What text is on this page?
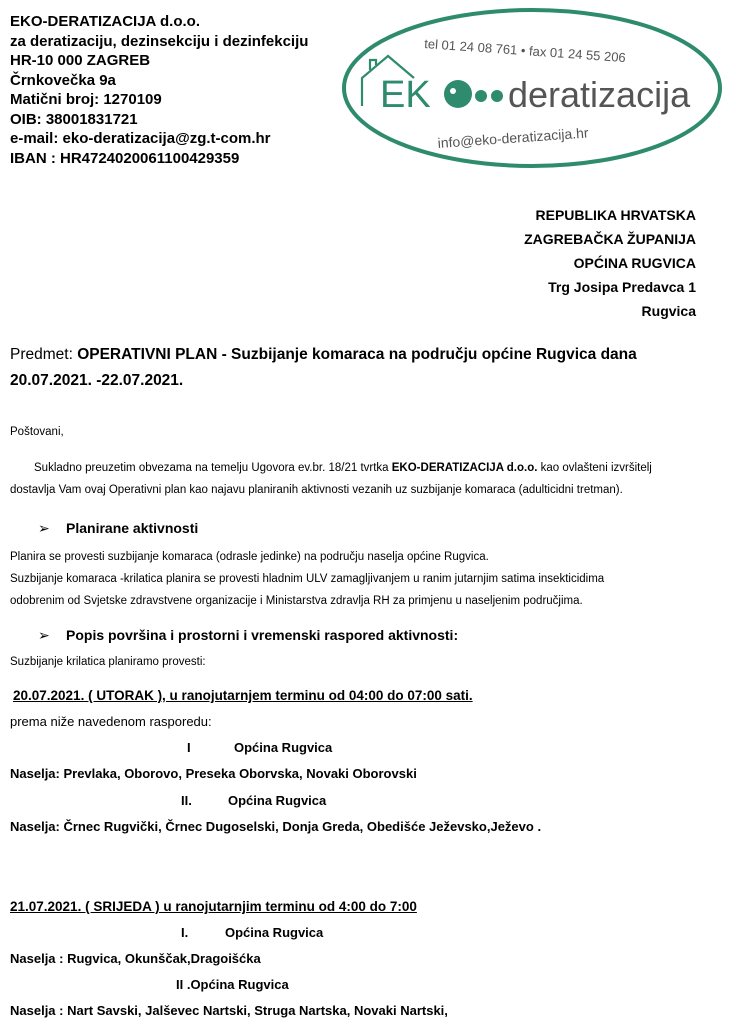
EKO-DERATIZACIJA d.o.o.
za deratizaciju, dezinsekciju i dezinfekciju
HR-10 000 ZAGREB
Črnkovečka 9a
Matični broj: 1270109
OIB: 38001831721
e-mail: eko-deratizacija@zg.t-com.hr
IBAN : HR4724020061100429359
tel 01 24 08 761 • fax 01 24 55 206
EK deratizacija
info@eko-deratizacija.hr
REPUBLIKA HRVATSKA
ZAGREBAČKA ŽUPANIJA
OPĆINA RUGVICA
Trg Josipa Predavca 1
Rugvica
Predmet: OPERATIVNI PLAN - Suzbijanje komaraca na području općine Rugvica dana
20.07.2021. -22.07.2021.
Poštovani,
Sukladno preuzetim obvezama na temelju Ugovora ev.br. 18/21 tvrtka EKO-DERATIZACIJA d.o.o. kao ovlašteni izvršitelj
dostavlja Vam ovaj Operativni plan kao najavu planiranih aktivnosti vezanih uz suzbijanje komaraca (adulticidni tretman).
➢ Planirane aktivnosti
Planira se provesti suzbijanje komaraca (odrasle jedinke) na području naselja općine Rugvica.
Suzbijanje komaraca -krilatica planira se provesti hladnim ULV zamagljivanjem u ranim jutarnjim satima insekticidima
odobrenim od Svjetske zdravstvene organizacije i Ministarstva zdravlja RH za primjenu u naseljenim područjima.
➢ Popis površina i prostorni i vremenski raspored aktivnosti:
Suzbijanje krilatica planiramo provesti:
20.07.2021. ( UTORAK ), u ranojutarnjem terminu od 04:00 do 07:00 sati.
prema niže navedenom rasporedu:
I	Općina Rugvica
Naselja: Prevlaka, Oborovo, Preseka Oborvska, Novaki Oborovski
II.	Općina Rugvica
Naselja: Črnec Rugvički, Črnec Dugoselski, Donja Greda, Obedišće Ježevsko,Ježevo .
21.07.2021. ( SRIJEDA ) u ranojutarnjim terminu od 4:00 do 7:00
I.	Općina Rugvica
Naselja : Rugvica, Okunščak,Dragoišćka
II .Općina Rugvica
Naselja : Nart Savski, Jalševec Nartski, Struga Nartska, Novaki Nartski,
